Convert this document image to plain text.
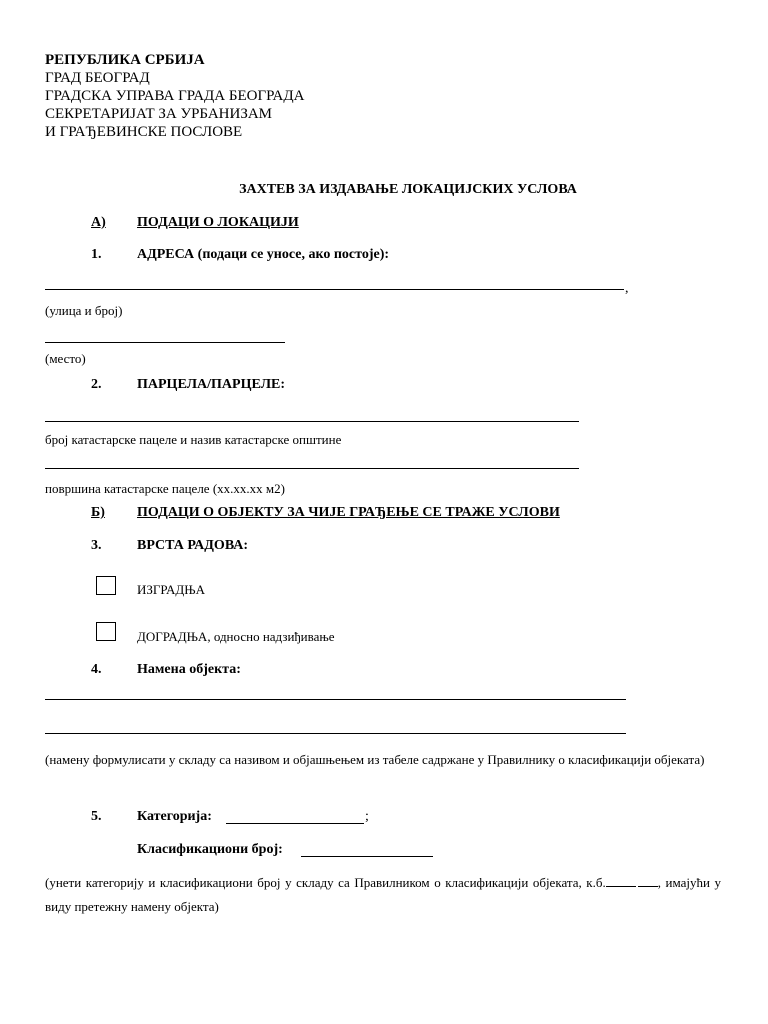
РЕПУБЛИКА СРБИЈА
ГРАД БЕОГРАД
ГРАДСКА УПРАВА ГРАДА БЕОГРАДА
СЕКРЕТАРИЈАТ ЗА УРБАНИЗАМ
И ГРАЂЕВИНСКЕ ПОСЛОВЕ
ЗАХТЕВ ЗА ИЗДАВАЊЕ ЛОКАЦИЈСКИХ УСЛОВА
А) ПОДАЦИ О ЛОКАЦИЈИ
1.	АДРЕСА (подаци се уносе, ако постоје):
,
(улица и број)
(место)
2.	ПАРЦЕЛА/ПАРЦЕЛЕ:
број катастарске пацеле и назив катастарске општине
површина катастарске пацеле (хх.хх.хх м2)
Б) ПОДАЦИ О ОБЈЕКТУ ЗА ЧИЈЕ ГРАЂЕЊЕ СЕ ТРАЖЕ УСЛОВИ
3.	ВРСТА РАДОВА:
ИЗГРАДЊА
ДОГРАДЊА, односно надзиђивање
4.	Намена објекта:
(намену формулисати у складу са називом и објашњењем из табеле садржане у Правилнику о класификацији објеката)
5.	Категорија:	;
Класификациони број:
(унети категорију и класификациони број у складу са Правилником о класификацији објеката, к.б.	, имајући у виду претежну намену објекта)
